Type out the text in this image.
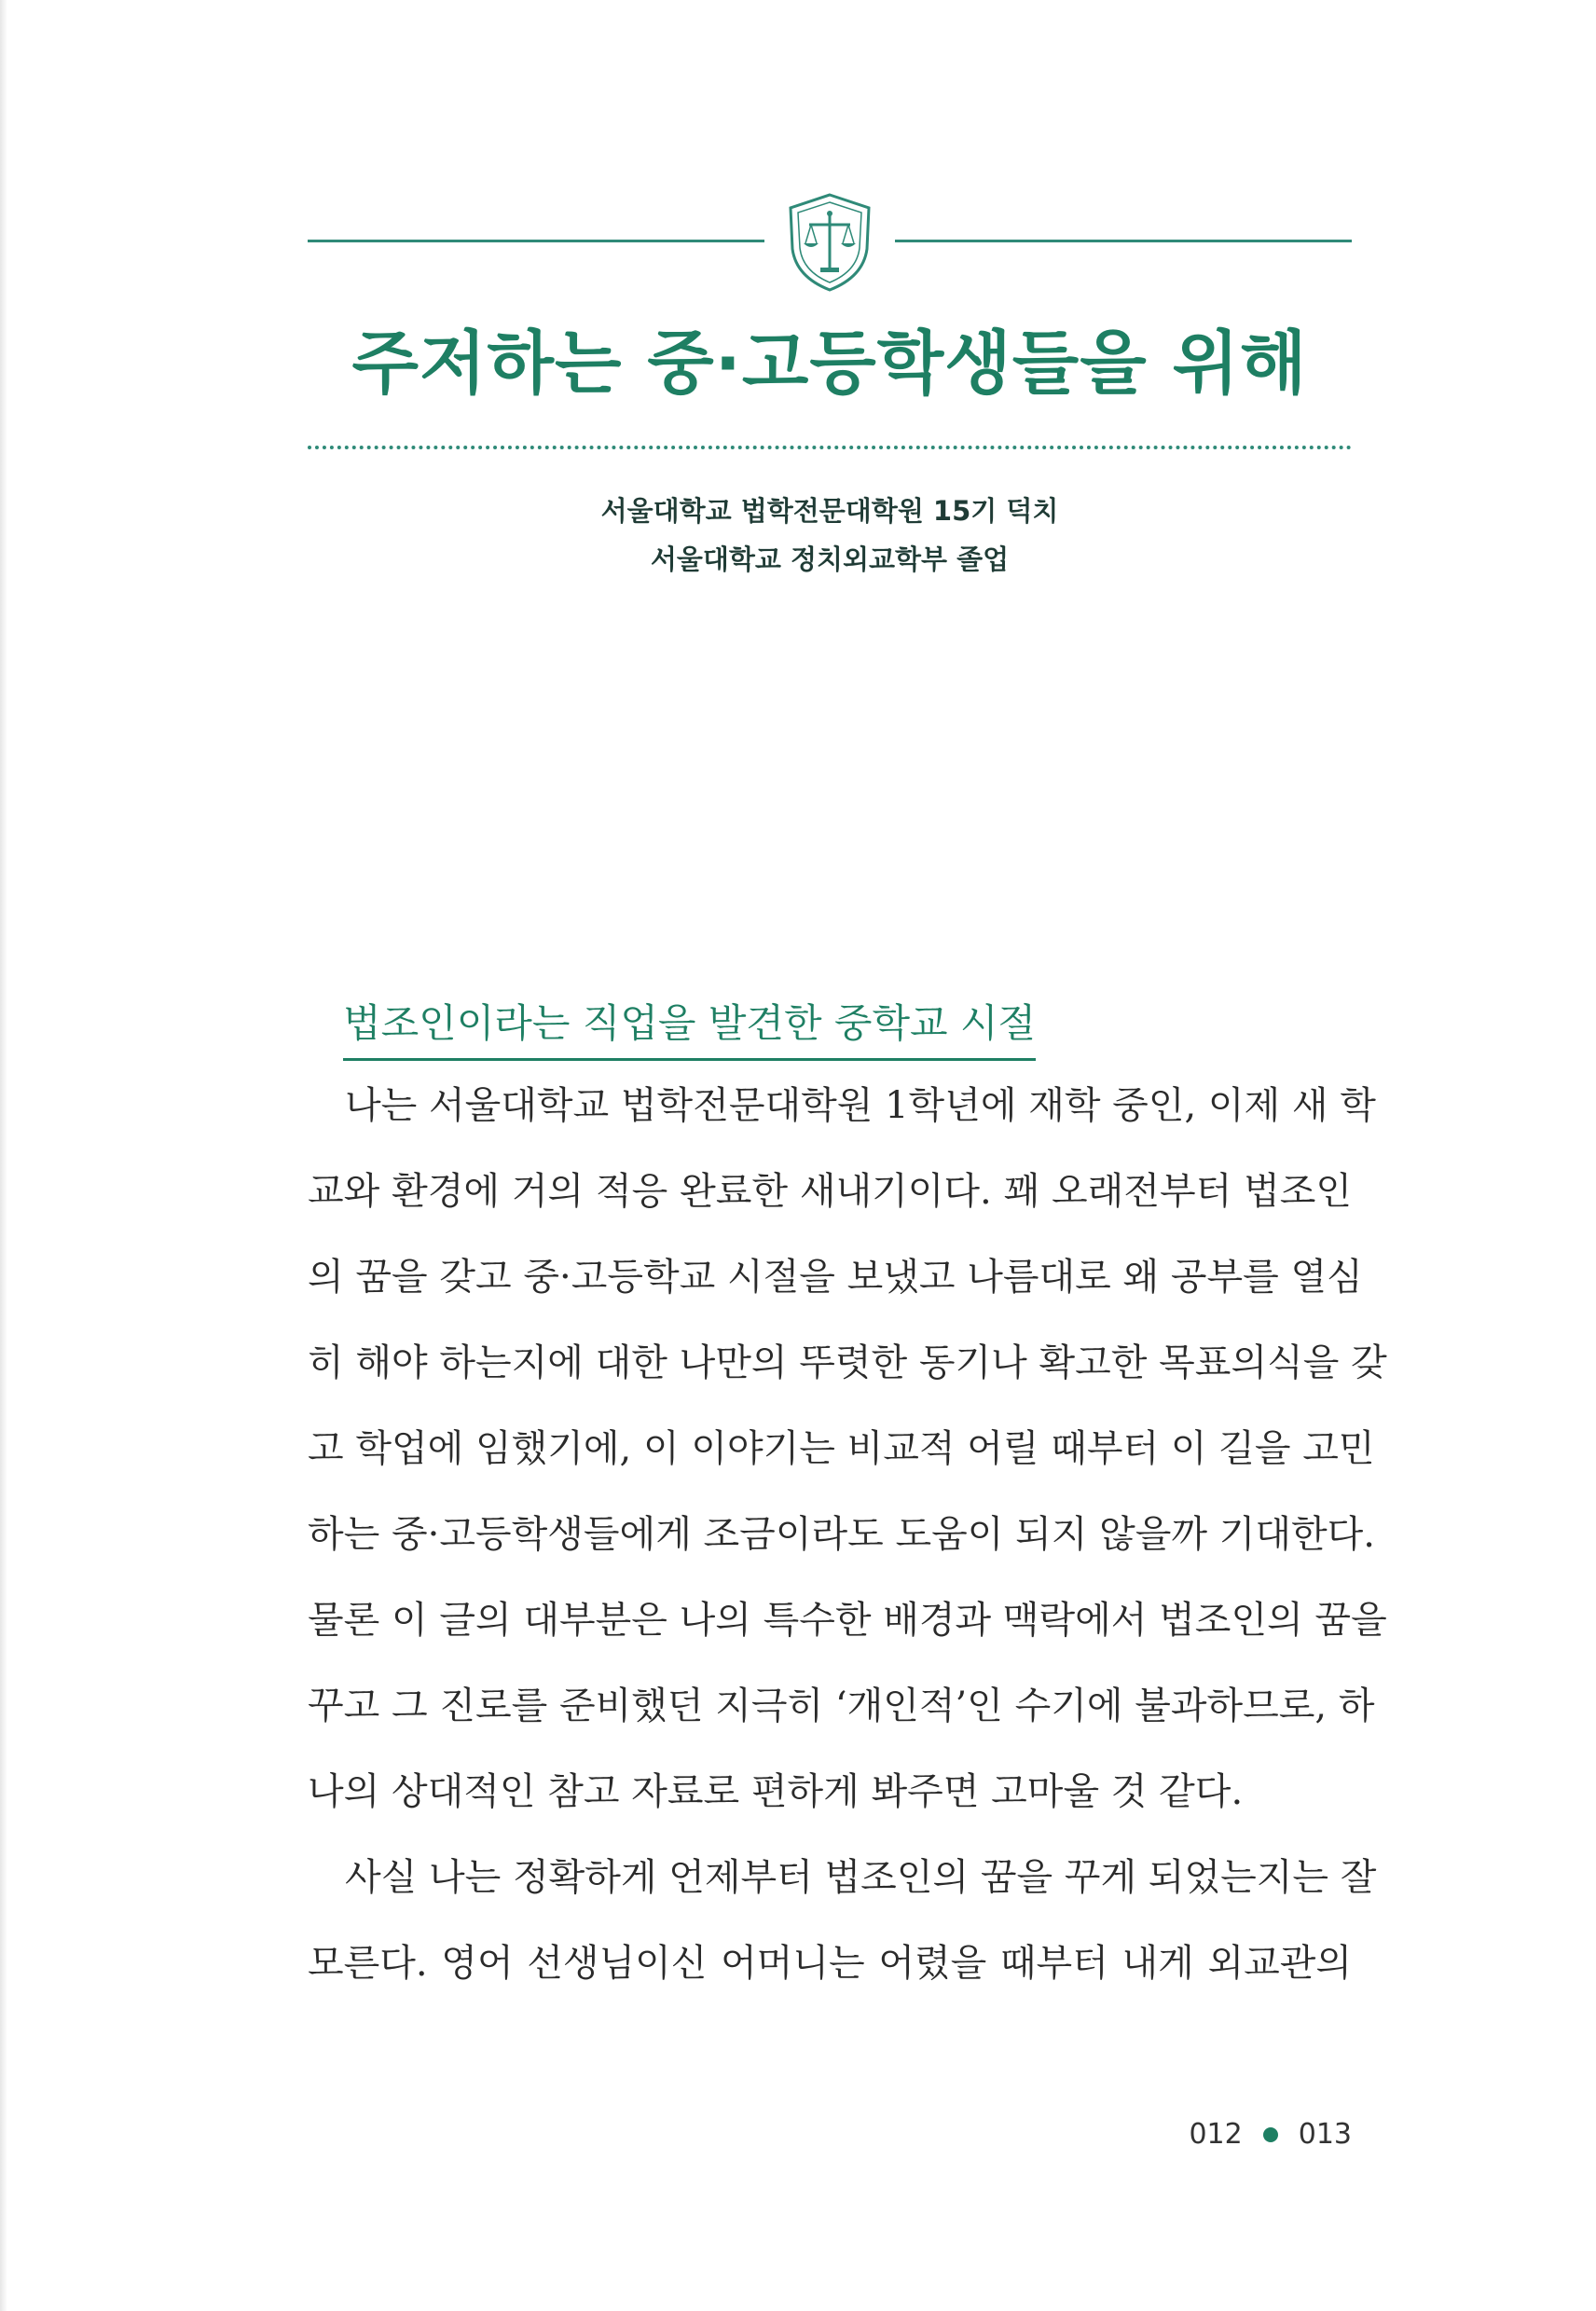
주저하는 중·고등학생들을 위해
서울대학교 법학전문대학원 15기 덕치
서울대학교 정치외교학부 졸업
법조인이라는 직업을 발견한 중학교 시절
나는 서울대학교 법학전문대학원 1학년에 재학 중인, 이제 새 학
교와 환경에 거의 적응 완료한 새내기이다. 꽤 오래전부터 법조인
의 꿈을 갖고 중·고등학교 시절을 보냈고 나름대로 왜 공부를 열심
히 해야 하는지에 대한 나만의 뚜렷한 동기나 확고한 목표의식을 갖
고 학업에 임했기에, 이 이야기는 비교적 어릴 때부터 이 길을 고민
하는 중·고등학생들에게 조금이라도 도움이 되지 않을까 기대한다.
물론 이 글의 대부분은 나의 특수한 배경과 맥락에서 법조인의 꿈을
꾸고 그 진로를 준비했던 지극히 ‘개인적’인 수기에 불과하므로, 하
나의 상대적인 참고 자료로 편하게 봐주면 고마울 것 같다.
사실 나는 정확하게 언제부터 법조인의 꿈을 꾸게 되었는지는 잘
모른다. 영어 선생님이신 어머니는 어렸을 때부터 내게 외교관의
012 013
